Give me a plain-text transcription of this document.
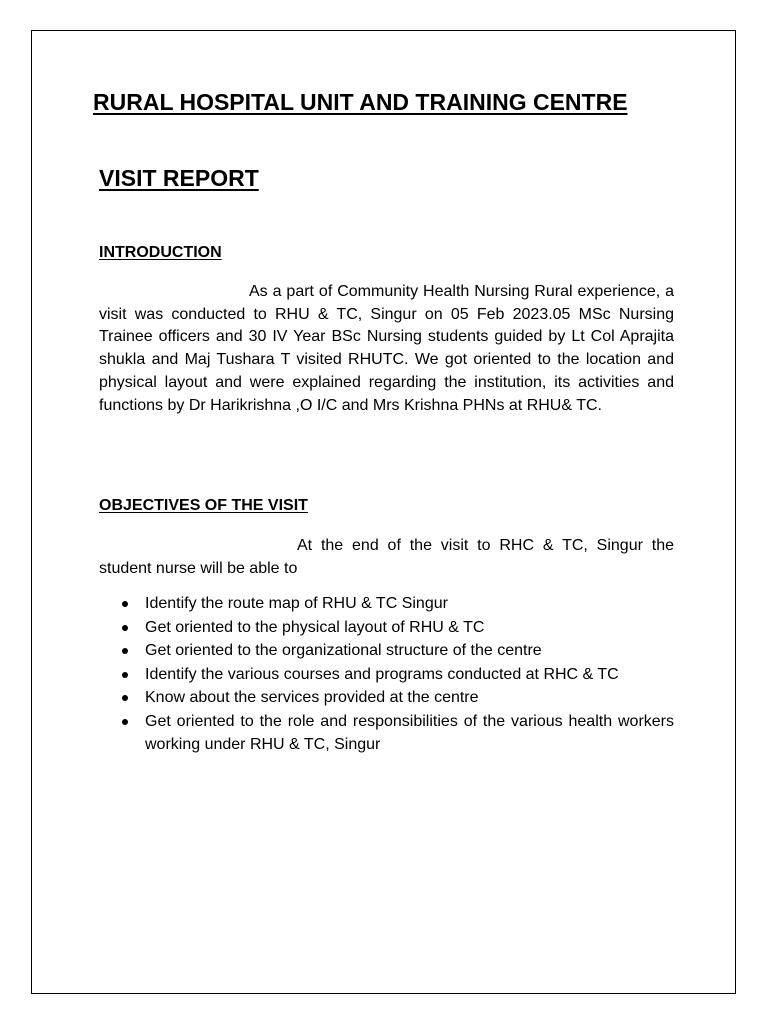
RURAL HOSPITAL UNIT AND TRAINING CENTRE
VISIT REPORT
INTRODUCTION

As a part of Community Health Nursing Rural experience, a visit was conducted to RHU & TC, Singur on 05 Feb 2023.05 MSc Nursing Trainee officers and 30 IV Year BSc Nursing students guided by Lt Col Aprajita shukla and Maj Tushara T visited RHUTC. We got oriented to the location and physical layout and were explained regarding the institution, its activities and functions by Dr Harikrishna ,O I/C and Mrs Krishna PHNs at RHU& TC.

OBJECTIVES OF THE VISIT

At the end of the visit to RHC & TC, Singur the student nurse will be able to

Identify the route map of RHU & TC Singur
Get oriented to the physical layout of RHU & TC
Get oriented to the organizational structure of the centre
Identify the various courses and programs conducted at RHC & TC
Know about the services provided at the centre
Get oriented to the role and responsibilities of the various health workers working under RHU & TC, Singur
